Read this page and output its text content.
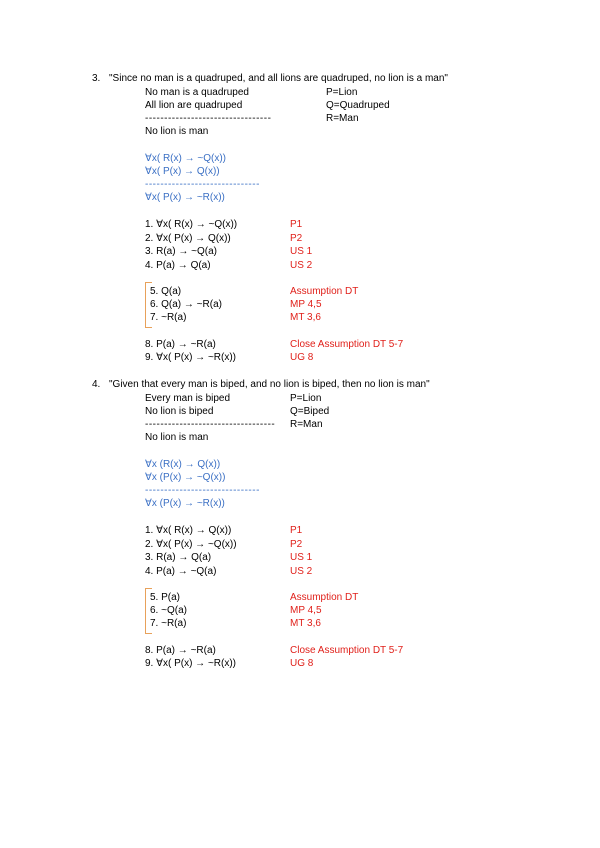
3. "Since no man is a quadruped, and all lions are quadruped, no lion is a man"
No man is a quadruped	P=Lion
All lion are quadruped	Q=Quadruped
---------------------------------	R=Man
No lion is man
∀x( R(x) → ~Q(x))
∀x( P(x) → Q(x))
------------------------------
∀x( P(x) → ~R(x))
1. ∀x( R(x) → ~Q(x))	P1
2. ∀x( P(x) → Q(x))	P2
3. R(a) → ~Q(a)	US 1
4. P(a) → Q(a)	US 2
5. Q(a)	Assumption DT
6. Q(a) → ~R(a)	MP 4,5
7. ~R(a)	MT 3,6
8. P(a) → ~R(a)	Close Assumption DT 5-7
9. ∀x( P(x) → ~R(x))	UG 8
4. "Given that every man is biped, and no lion is biped, then no lion is man"
Every man is biped	P=Lion
No lion is biped	Q=Biped
---------------------------------- R=Man
No lion is man
∀x (R(x) → Q(x))
∀x (P(x) → ~Q(x))
------------------------------
∀x (P(x) → ~R(x))
1. ∀x( R(x) → Q(x))	P1
2. ∀x( P(x) → ~Q(x))	P2
3. R(a) → Q(a)	US 1
4. P(a) → ~Q(a)	US 2
5. P(a)	Assumption DT
6. ~Q(a)	MP 4,5
7. ~R(a)	MT 3,6
8. P(a) → ~R(a)	Close Assumption DT 5-7
9. ∀x( P(x) → ~R(x))	UG 8
